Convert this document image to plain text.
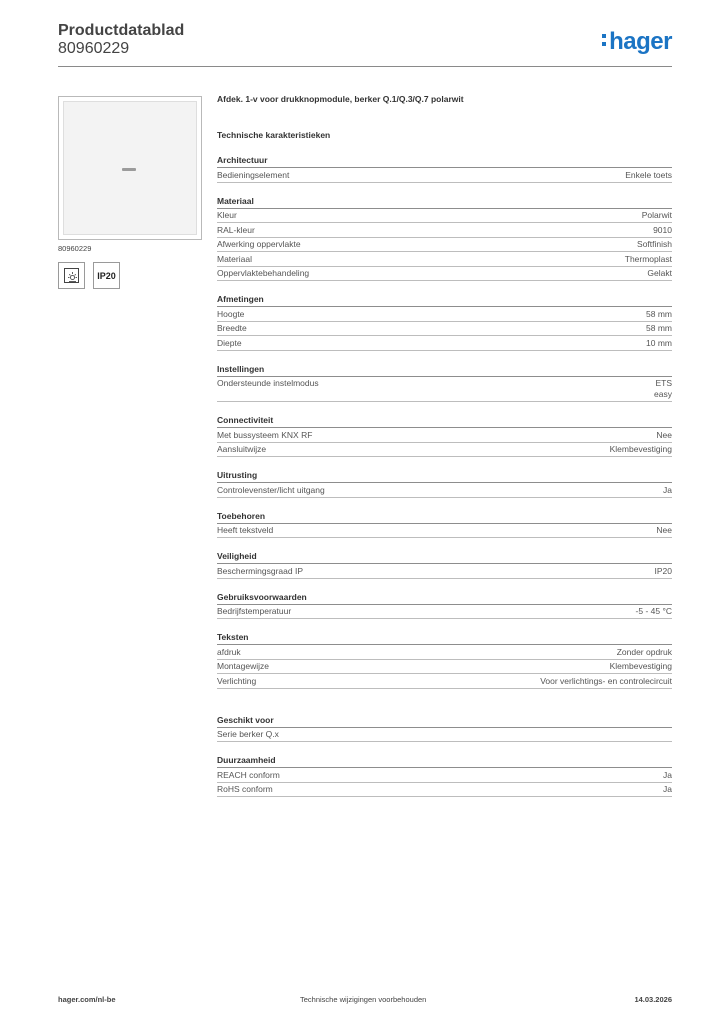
Productdatablad
80960229	hager
80960229
IP20
Afdek. 1-v voor drukknopmodule, berker Q.1/Q.3/Q.7 polarwit
Technische karakteristieken
Architectuur
Bedieningselement	Enkele toets
Materiaal
Kleur	Polarwit
RAL-kleur	9010
Afwerking oppervlakte	Softfinish
Materiaal	Thermoplast
Oppervlaktebehandeling	Gelakt
Afmetingen
Hoogte	58 mm
Breedte	58 mm
Diepte	10 mm
Instellingen
Ondersteunde instelmodus	ETS
easy
Connectiviteit
Met bussysteem KNX RF	Nee
Aansluitwijze	Klembevestiging
Uitrusting
Controlevenster/licht uitgang	Ja
Toebehoren
Heeft tekstveld	Nee
Veiligheid
Beschermingsgraad IP	IP20
Gebruiksvoorwaarden
Bedrijfstemperatuur	-5 - 45 °C
Teksten
afdruk	Zonder opdruk
Montagewijze	Klembevestiging
Verlichting	Voor verlichtings- en controlecircuit
Geschikt voor
Serie berker Q.x
Duurzaamheid
REACH conform	Ja
RoHS conform	Ja
hager.com/nl-be	Technische wijzigingen voorbehouden	14.03.2026
